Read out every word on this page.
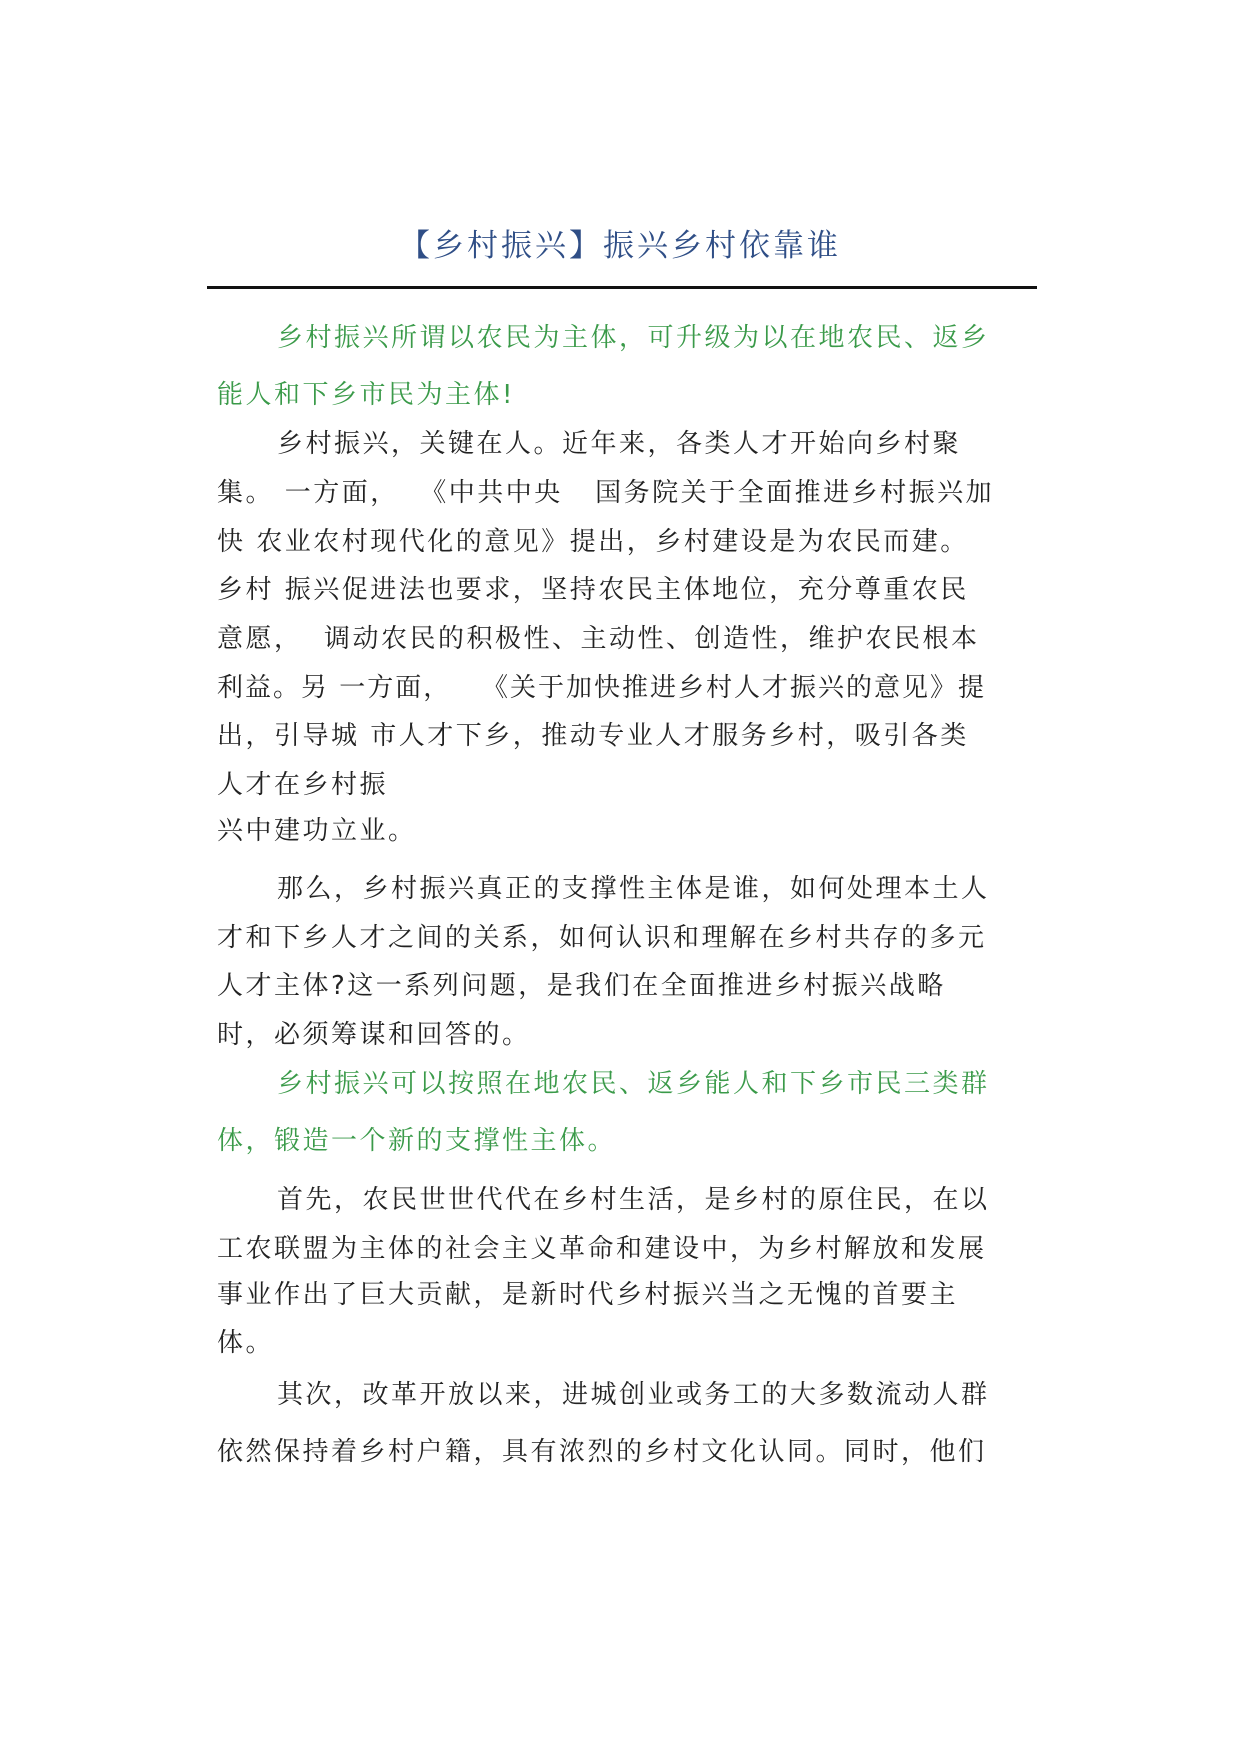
【乡村振兴】振兴乡村依靠谁
乡村振兴所谓以农民为主体，可升级为以在地农民、返乡
能人和下乡市民为主体!
乡村振兴，关键在人。近年来，各类人才开始向乡村聚
集。 一方面，  《中共中央   国务院关于全面推进乡村振兴加
快 农业农村现代化的意见》提出，乡村建设是为农民而建。
乡村 振兴促进法也要求，坚持农民主体地位，充分尊重农民
意愿，  调动农民的积极性、主动性、创造性，维护农民根本
利益。另 一方面，   《关于加快推进乡村人才振兴的意见》提
出，引导城 市人才下乡，推动专业人才服务乡村，吸引各类
人才在乡村振
兴中建功立业。
那么，乡村振兴真正的支撑性主体是谁，如何处理本土人
才和下乡人才之间的关系，如何认识和理解在乡村共存的多元
人才主体?这一系列问题，是我们在全面推进乡村振兴战略
时，必须筹谋和回答的。
乡村振兴可以按照在地农民、返乡能人和下乡市民三类群
体，锻造一个新的支撑性主体。
首先，农民世世代代在乡村生活，是乡村的原住民，在以
工农联盟为主体的社会主义革命和建设中，为乡村解放和发展
事业作出了巨大贡献，是新时代乡村振兴当之无愧的首要主
体。
其次，改革开放以来，进城创业或务工的大多数流动人群
依然保持着乡村户籍，具有浓烈的乡村文化认同。同时，他们
